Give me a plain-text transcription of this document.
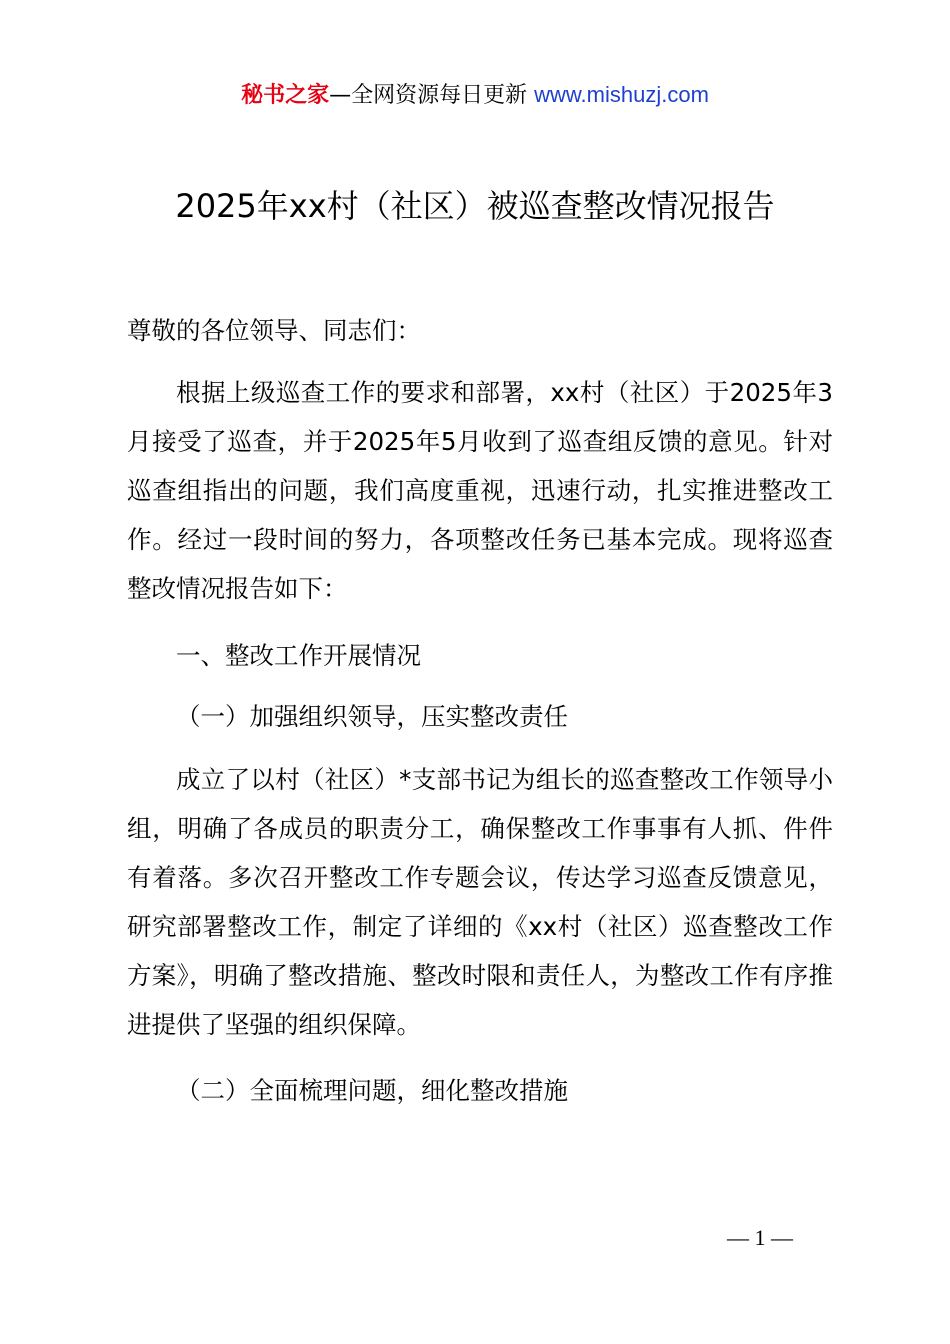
秘书之家—全网资源每日更新 www.mishuzj.com
2025年xx村（社区）被巡查整改情况报告

尊敬的各位领导、同志们：

根据上级巡查工作的要求和部署，xx村（社区）于2025年3月接受了巡查，并于2025年5月收到了巡查组反馈的意见。针对巡查组指出的问题，我们高度重视，迅速行动，扎实推进整改工作。经过一段时间的努力，各项整改任务已基本完成。现将巡查整改情况报告如下：

一、整改工作开展情况

（一）加强组织领导，压实整改责任

成立了以村（社区）*支部书记为组长的巡查整改工作领导小组，明确了各成员的职责分工，确保整改工作事事有人抓、件件有着落。多次召开整改工作专题会议，传达学习巡查反馈意见，研究部署整改工作，制定了详细的《xx村（社区）巡查整改工作方案》，明确了整改措施、整改时限和责任人，为整改工作有序推进提供了坚强的组织保障。

（二）全面梳理问题，细化整改措施

— 1 —
